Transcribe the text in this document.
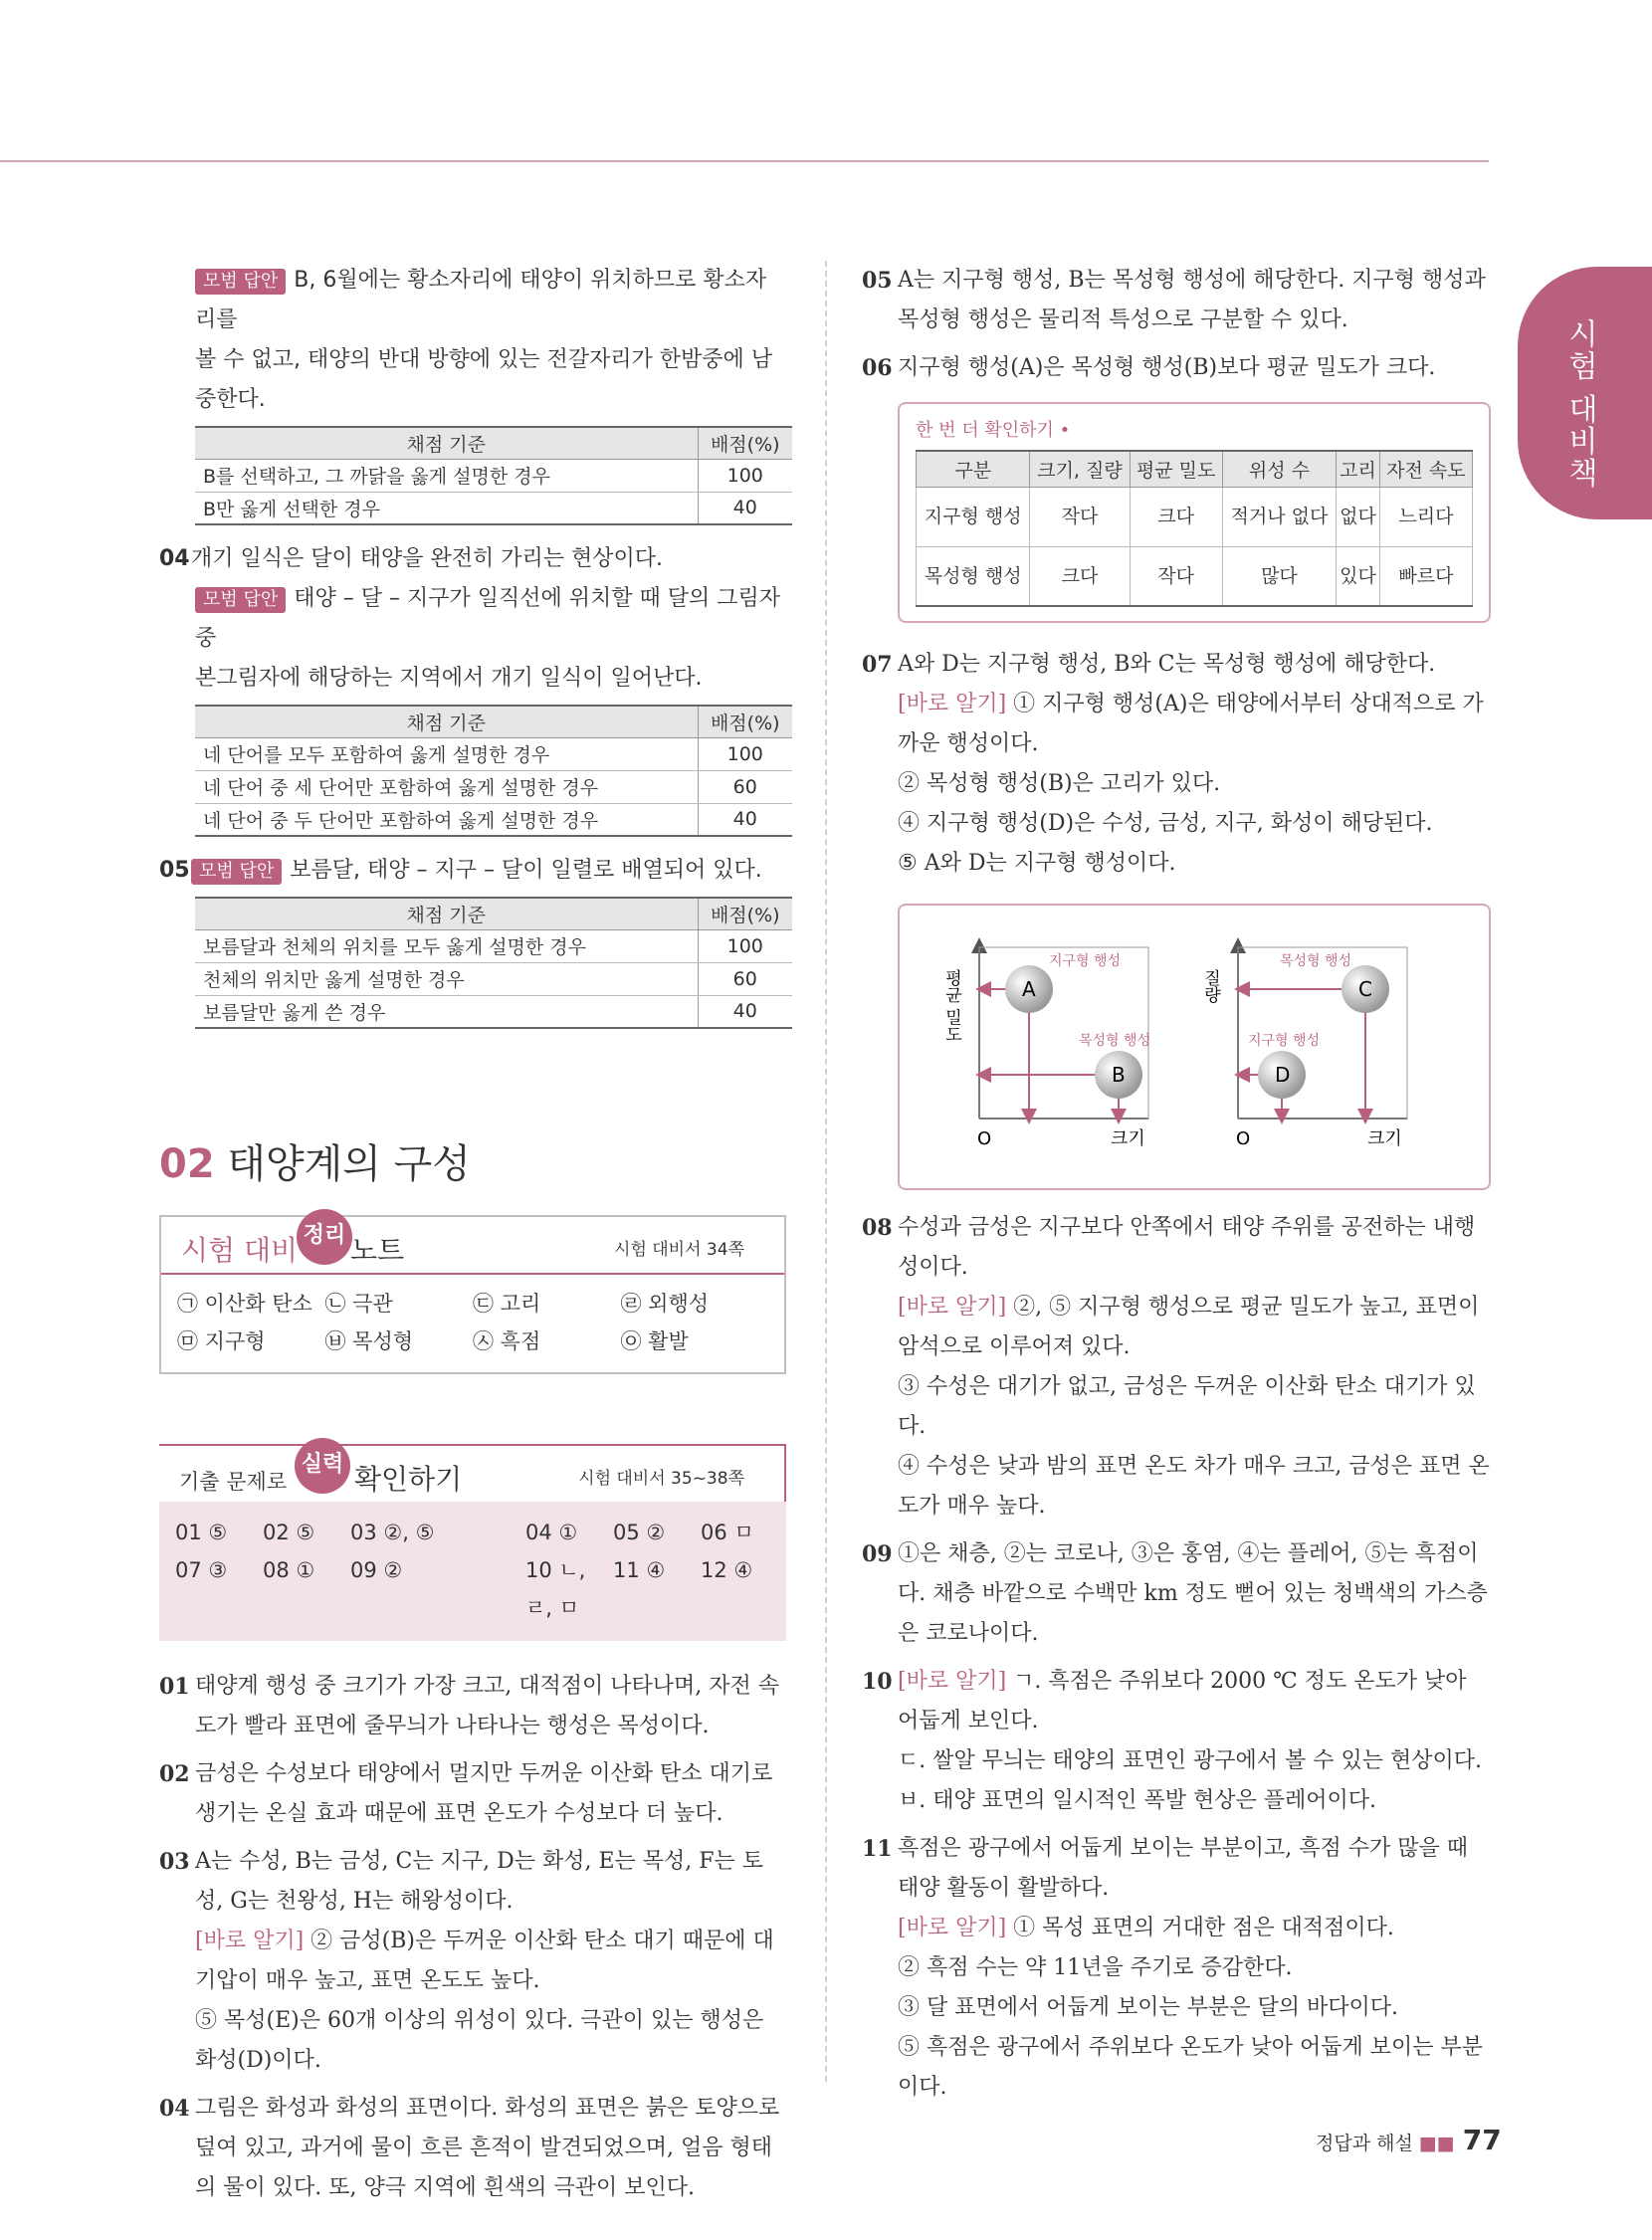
시험 대비책

모범 답안 B, 6월에는 황소자리에 태양이 위치하므로 황소자리를

볼 수 없고, 태양의 반대 방향에 있는 전갈자리가 한밤중에 남중한다.

채점 기준	배점(%)
B를 선택하고, 그 까닭을 옳게 설명한 경우	100
B만 옳게 선택한 경우	40
04 개기 일식은 달이 태양을 완전히 가리는 현상이다.

모범 답안 태양 – 달 – 지구가 일직선에 위치할 때 달의 그림자 중

본그림자에 해당하는 지역에서 개기 일식이 일어난다.

채점 기준	배점(%)
네 단어를 모두 포함하여 옳게 설명한 경우	100
네 단어 중 세 단어만 포함하여 옳게 설명한 경우	60
네 단어 중 두 단어만 포함하여 옳게 설명한 경우	40
05 모범 답안 보름달, 태양 – 지구 – 달이 일렬로 배열되어 있다.
채점 기준	배점(%)
보름달과 천체의 위치를 모두 옳게 설명한 경우	100
천체의 위치만 옳게 설명한 경우	60
보름달만 옳게 쓴 경우	40
02 태양계의 구성
시험 대비 정리 노트	시험 대비서 34쪽
㉠ 이산화 탄소 ㉡ 극관	㉢ 고리	㉣ 외행성
㉤ 지구형	㉥ 목성형	㉦ 흑점	㉧ 활발
기출 문제로
실력 확인하기	시험 대비서 35~38쪽
01 ⑤	02 ⑤	03 ②, ⑤	04 ①	05 ②	06 ㅁ
07 ③	08 ①	09 ②	10 ㄴ, ㄹ, ㅁ
11 ④	12 ④
01 태양계 행성 중 크기가 가장 크고, 대적점이 나타나며, 자전 속도가 빨라 표면에 줄무늬가 나타나는 행성은 목성이다.
02 금성은 수성보다 태양에서 멀지만 두꺼운 이산화 탄소 대기로 생기는 온실 효과 때문에 표면 온도가 수성보다 더 높다.
03 A는 수성, B는 금성, C는 지구, D는 화성, E는 목성, F는 토성, G는 천왕성, H는 해왕성이다.
[바로 알기] ② 금성(B)은 두꺼운 이산화 탄소 대기 때문에 대기압이 매우 높고, 표면 온도도 높다.
⑤ 목성(E)은 60개 이상의 위성이 있다. 극관이 있는 행성은 화성(D)이다.
04 그림은 화성과 화성의 표면이다. 화성의 표면은 붉은 토양으로 덮여 있고, 과거에 물이 흐른 흔적이 발견되었으며, 얼음 형태의 물이 있다. 또, 양극 지역에 흰색의 극관이 보인다.
05 A는 지구형 행성, B는 목성형 행성에 해당한다. 지구형 행성과 목성형 행성은 물리적 특성으로 구분할 수 있다.
06 지구형 행성(A)은 목성형 행성(B)보다 평균 밀도가 크다.
한 번 더 확인하기 •
구분	크기, 질량	평균 밀도	위성 수	고리	자전 속도
지구형 행성	작다	크다	적거나 없다	없다	느리다
목성형 행성	크다	작다	많다	있다	빠르다
07 A와 D는 지구형 행성, B와 C는 목성형 행성에 해당한다.
[바로 알기] ① 지구형 행성(A)은 태양에서부터 상대적으로 가까운 행성이다.
② 목성형 행성(B)은 고리가 있다.
④ 지구형 행성(D)은 수성, 금성, 지구, 화성이 해당된다.
⑤ A와 D는 지구형 행성이다.
평균 밀도
O	크기
A
B
지구형 행성
목성형 행성
질량
O	크기
C
D
목성형 행성
지구형 행성
08 수성과 금성은 지구보다 안쪽에서 태양 주위를 공전하는 내행성이다.
[바로 알기] ②, ⑤ 지구형 행성으로 평균 밀도가 높고, 표면이 암석으로 이루어져 있다.
③ 수성은 대기가 없고, 금성은 두꺼운 이산화 탄소 대기가 있다.
④ 수성은 낮과 밤의 표면 온도 차가 매우 크고, 금성은 표면 온도가 매우 높다.
09 ①은 채층, ②는 코로나, ③은 홍염, ④는 플레어, ⑤는 흑점이다. 채층 바깥으로 수백만 km 정도 뻗어 있는 청백색의 가스층은 코로나이다.
10 [바로 알기] ㄱ. 흑점은 주위보다 2000 ℃ 정도 온도가 낮아 어둡게 보인다.
ㄷ. 쌀알 무늬는 태양의 표면인 광구에서 볼 수 있는 현상이다.
ㅂ. 태양 표면의 일시적인 폭발 현상은 플레어이다.
11 흑점은 광구에서 어둡게 보이는 부분이고, 흑점 수가 많을 때 태양 활동이 활발하다.
[바로 알기] ① 목성 표면의 거대한 점은 대적점이다.
② 흑점 수는 약 11년을 주기로 증감한다.
③ 달 표면에서 어둡게 보이는 부분은 달의 바다이다.
⑤ 흑점은 광구에서 주위보다 온도가 낮아 어둡게 보이는 부분이다.
정답과 해설 ■■ 77
